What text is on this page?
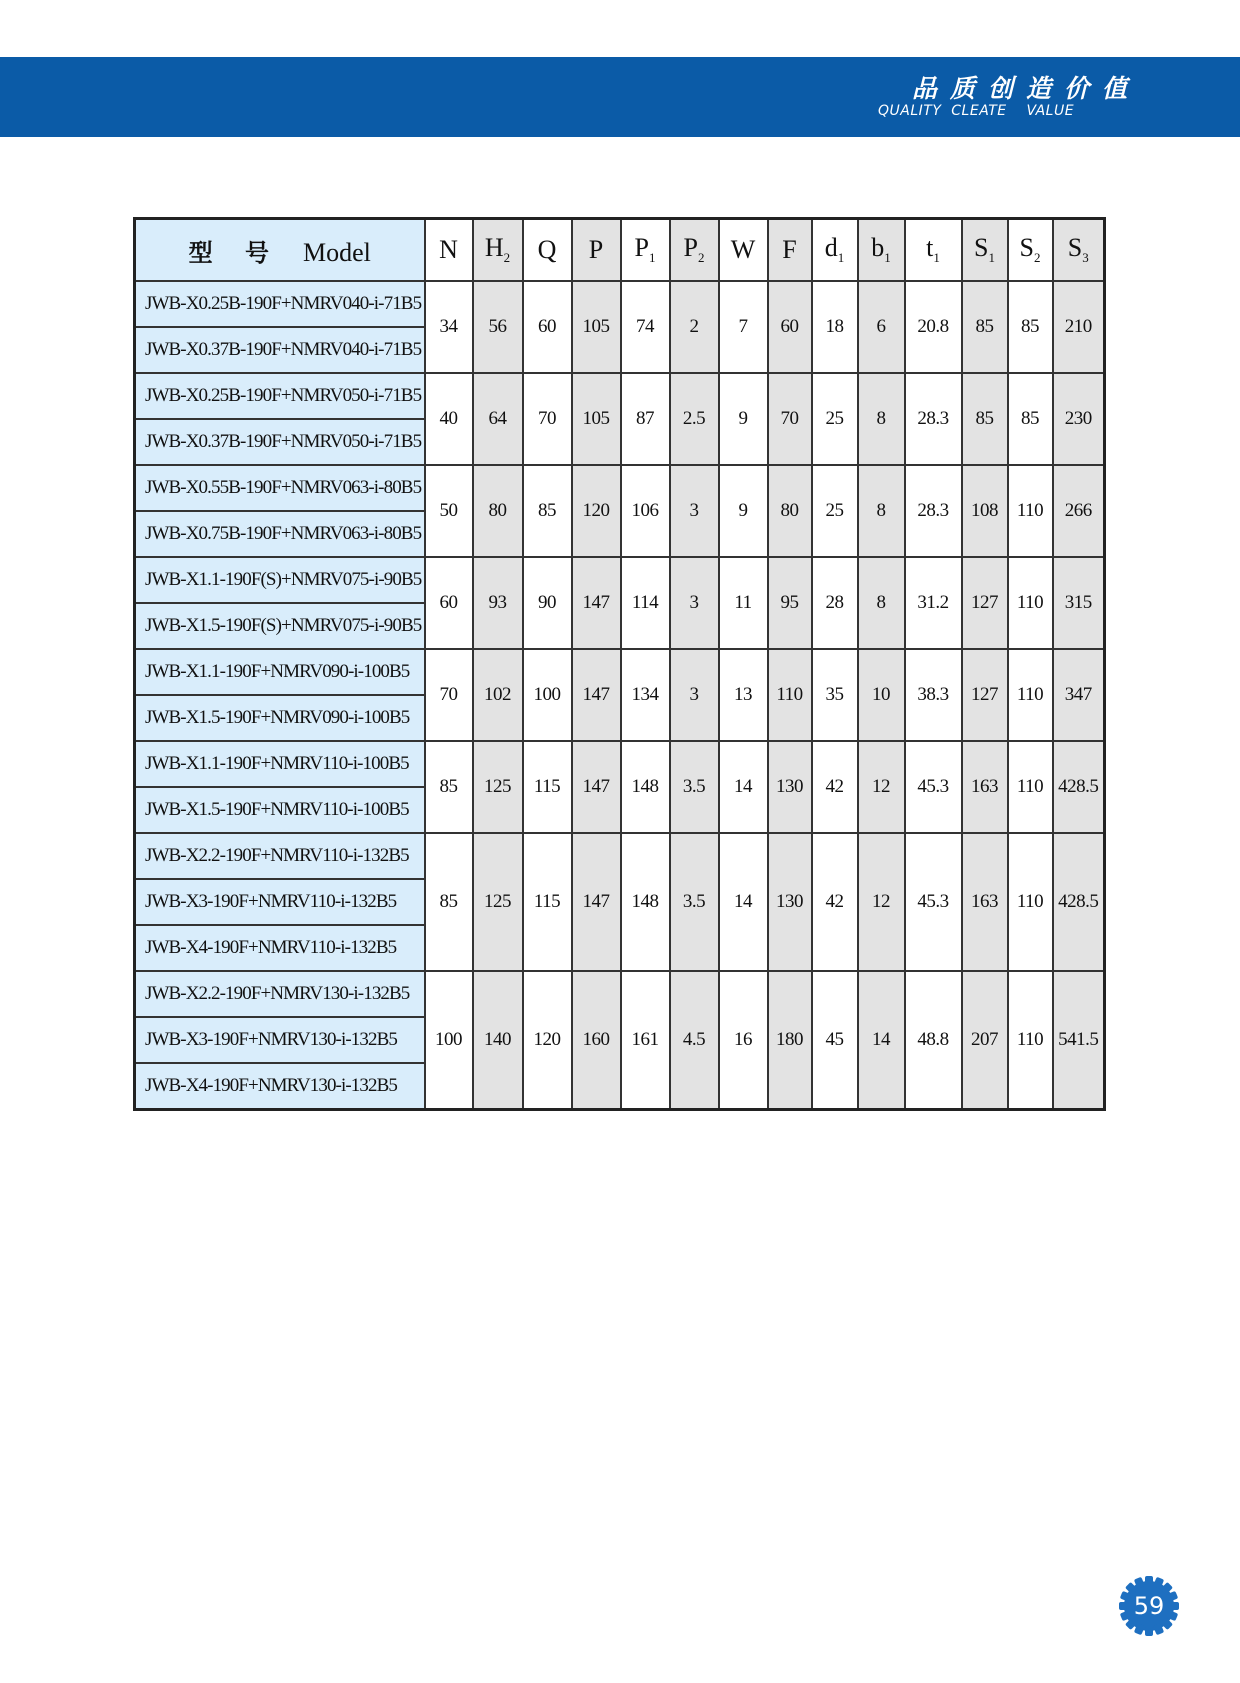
品质创造价值
QUALITY  CLEATE    VALUE
型 号 Model	N	$H_2$	Q	P	$P_1$	$P_2$	W	F	$d_1$	$b_1$	$t_1$	$S_1$	$S_2$	$S_3$
JWB-X0.25B-190F+NMRV040-i-71B5	34	56	60	105	74	2	7	60	18	6	20.8	85	85	210
JWB-X0.37B-190F+NMRV040-i-71B5														
JWB-X0.25B-190F+NMRV050-i-71B5	40	64	70	105	87	2.5	9	70	25	8	28.3	85	85	230
JWB-X0.37B-190F+NMRV050-i-71B5														
JWB-X0.55B-190F+NMRV063-i-80B5	50	80	85	120	106	3	9	80	25	8	28.3	108	110	266
JWB-X0.75B-190F+NMRV063-i-80B5														
JWB-X1.1-190F(S)+NMRV075-i-90B5	60	93	90	147	114	3	11	95	28	8	31.2	127	110	315
JWB-X1.5-190F(S)+NMRV075-i-90B5														
JWB-X1.1-190F+NMRV090-i-100B5	70	102	100	147	134	3	13	110	35	10	38.3	127	110	347
JWB-X1.5-190F+NMRV090-i-100B5														
JWB-X1.1-190F+NMRV110-i-100B5	85	125	115	147	148	3.5	14	130	42	12	45.3	163	110	428.5
JWB-X1.5-190F+NMRV110-i-100B5														
JWB-X2.2-190F+NMRV110-i-132B5	85	125	115	147	148	3.5	14	130	42	12	45.3	163	110	428.5
JWB-X3-190F+NMRV110-i-132B5														
JWB-X4-190F+NMRV110-i-132B5														
JWB-X2.2-190F+NMRV130-i-132B5	100	140	120	160	161	4.5	16	180	45	14	48.8	207	110	541.5
JWB-X3-190F+NMRV130-i-132B5														
JWB-X4-190F+NMRV130-i-132B5														
59
